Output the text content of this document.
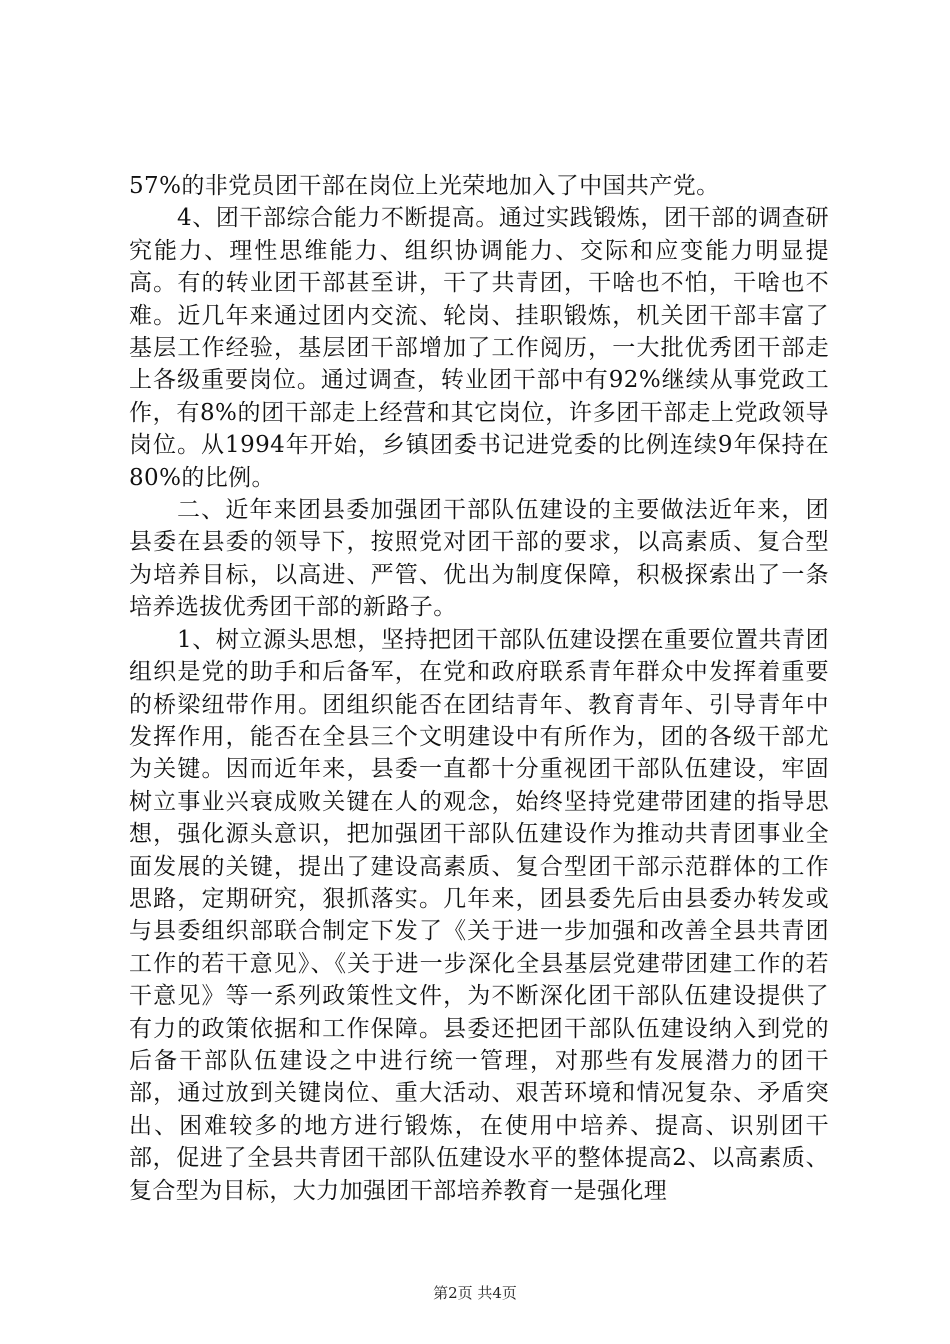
57%的非党员团干部在岗位上光荣地加入了中国共产党。

4、团干部综合能力不断提高。通过实践锻炼，团干部的调查研究能力、理性思维能力、组织协调能力、交际和应变能力明显提高。有的转业团干部甚至讲，干了共青团，干啥也不怕，干啥也不难。近几年来通过团内交流、轮岗、挂职锻炼，机关团干部丰富了基层工作经验，基层团干部增加了工作阅历，一大批优秀团干部走上各级重要岗位。通过调查，转业团干部中有92%继续从事党政工作，有8%的团干部走上经营和其它岗位，许多团干部走上党政领导岗位。从1994年开始，乡镇团委书记进党委的比例连续9年保持在80%的比例。

二、近年来团县委加强团干部队伍建设的主要做法近年来，团县委在县委的领导下，按照党对团干部的要求，以高素质、复合型为培养目标，以高进、严管、优出为制度保障，积极探索出了一条培养选拔优秀团干部的新路子。

1、树立源头思想，坚持把团干部队伍建设摆在重要位置共青团组织是党的助手和后备军，在党和政府联系青年群众中发挥着重要的桥梁纽带作用。团组织能否在团结青年、教育青年、引导青年中发挥作用，能否在全县三个文明建设中有所作为，团的各级干部尤为关键。因而近年来，县委一直都十分重视团干部队伍建设，牢固树立事业兴衰成败关键在人的观念，始终坚持党建带团建的指导思想，强化源头意识，把加强团干部队伍建设作为推动共青团事业全面发展的关键，提出了建设高素质、复合型团干部示范群体的工作思路，定期研究，狠抓落实。几年来，团县委先后由县委办转发或与县委组织部联合制定下发了《关于进一步加强和改善全县共青团工作的若干意见》、《关于进一步深化全县基层党建带团建工作的若干意见》等一系列政策性文件，为不断深化团干部队伍建设提供了有力的政策依据和工作保障。县委还把团干部队伍建设纳入到党的后备干部队伍建设之中进行统一管理，对那些有发展潜力的团干部，通过放到关键岗位、重大活动、艰苦环境和情况复杂、矛盾突出、困难较多的地方进行锻炼，在使用中培养、提高、识别团干部，促进了全县共青团干部队伍建设水平的整体提高2、以高素质、复合型为目标，大力加强团干部培养教育一是强化理

第2页 共4页
